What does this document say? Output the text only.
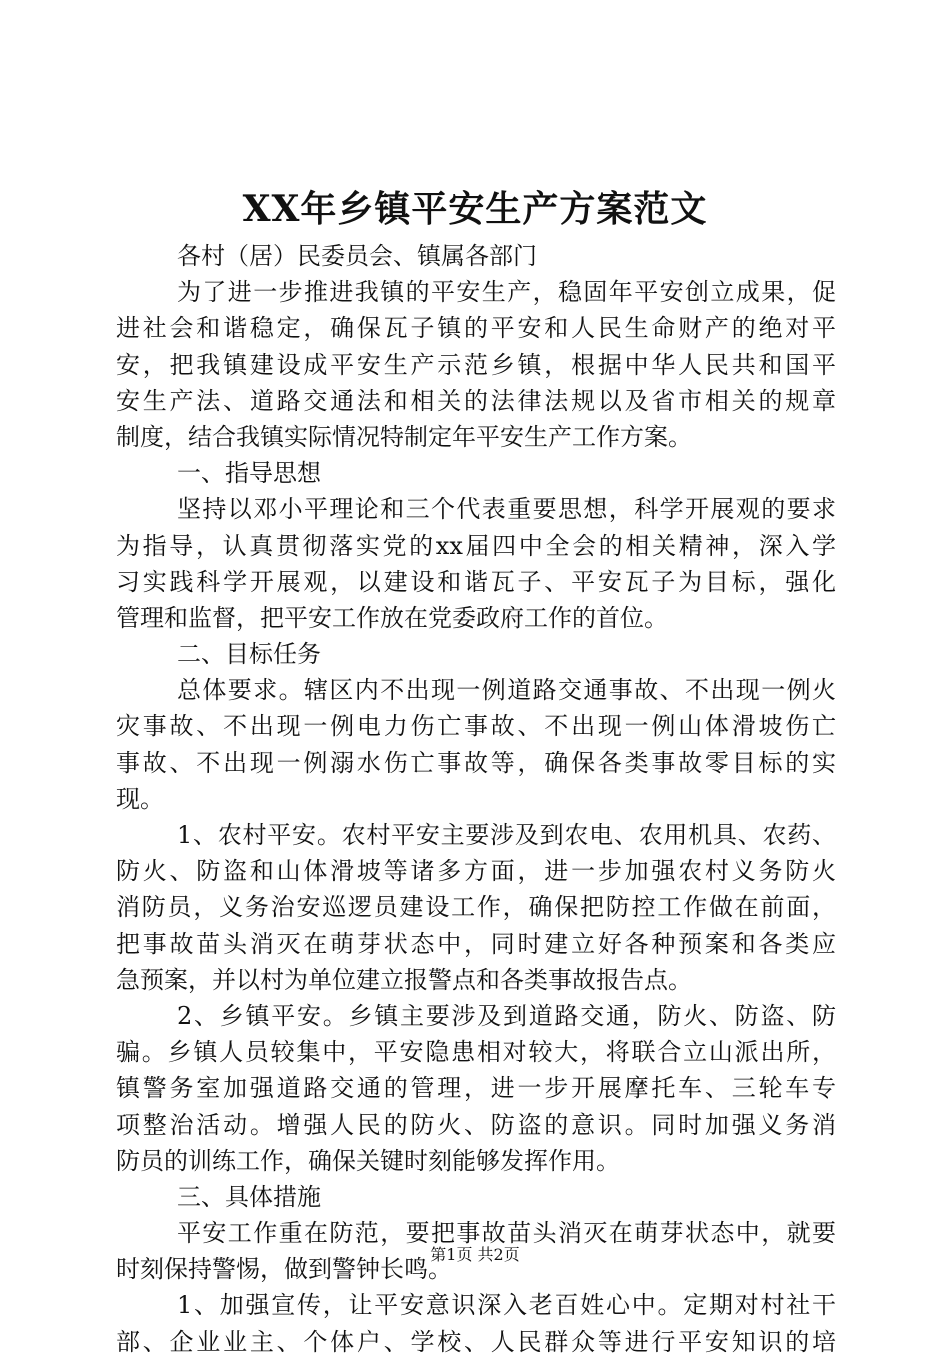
XX年乡镇平安生产方案范文
各村（居）民委员会、镇属各部门
为了进一步推进我镇的平安生产，稳固年平安创立成果，促
进社会和谐稳定，确保瓦子镇的平安和人民生命财产的绝对平
安，把我镇建设成平安生产示范乡镇，根据中华人民共和国平
安生产法、道路交通法和相关的法律法规以及省市相关的规章
制度，结合我镇实际情况特制定年平安生产工作方案。
一、指导思想
坚持以邓小平理论和三个代表重要思想，科学开展观的要求
为指导，认真贯彻落实党的xx届四中全会的相关精神，深入学
习实践科学开展观，以建设和谐瓦子、平安瓦子为目标，强化
管理和监督，把平安工作放在党委政府工作的首位。
二、目标任务
总体要求。辖区内不出现一例道路交通事故、不出现一例火
灾事故、不出现一例电力伤亡事故、不出现一例山体滑坡伤亡
事故、不出现一例溺水伤亡事故等，确保各类事故零目标的实
现。
1、农村平安。农村平安主要涉及到农电、农用机具、农药、
防火、防盗和山体滑坡等诸多方面，进一步加强农村义务防火
消防员，义务治安巡逻员建设工作，确保把防控工作做在前面，
把事故苗头消灭在萌芽状态中，同时建立好各种预案和各类应
急预案，并以村为单位建立报警点和各类事故报告点。
2、乡镇平安。乡镇主要涉及到道路交通，防火、防盗、防
骗。乡镇人员较集中，平安隐患相对较大，将联合立山派出所，
镇警务室加强道路交通的管理，进一步开展摩托车、三轮车专
项整治活动。增强人民的防火、防盗的意识。同时加强义务消
防员的训练工作，确保关键时刻能够发挥作用。
三、具体措施
平安工作重在防范，要把事故苗头消灭在萌芽状态中，就要
时刻保持警惕，做到警钟长鸣。
1、加强宣传，让平安意识深入老百姓心中。定期对村社干
部、企业业主、个体户、学校、人民群众等进行平安知识的培
第1页 共2页
